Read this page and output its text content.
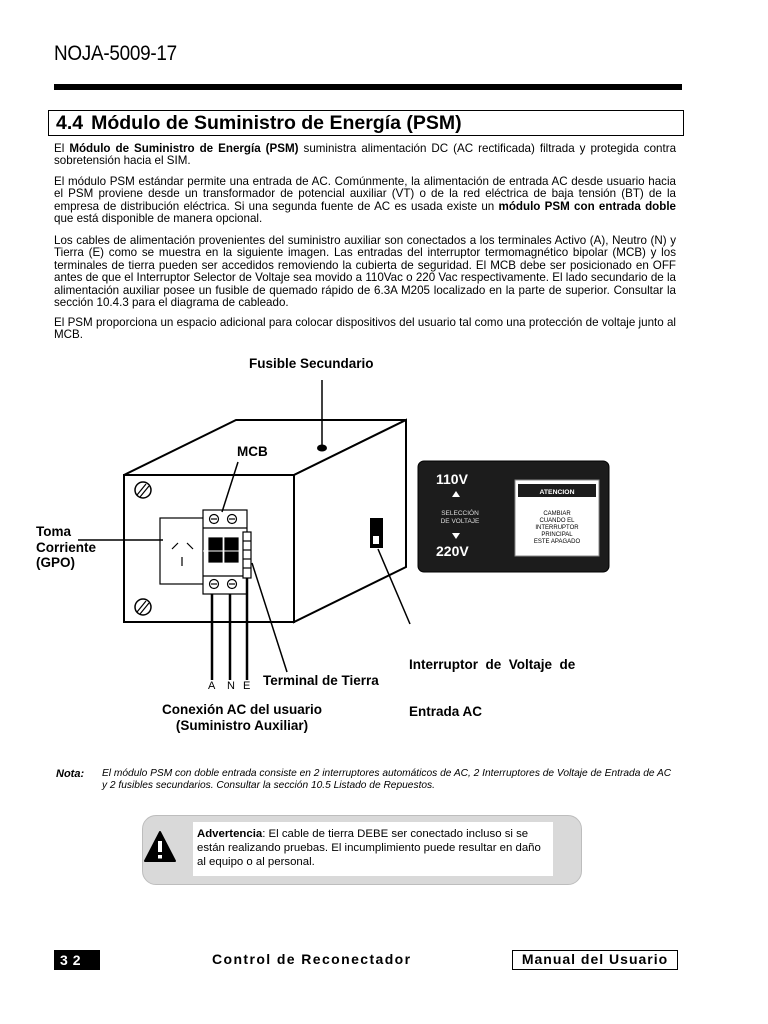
NOJA-5009-17
4.4 Módulo de Suministro de Energía (PSM)
El Módulo de Suministro de Energía (PSM) suministra alimentación DC (AC rectificada) filtrada y protegida contra sobretensión hacia el SIM.
El módulo PSM estándar permite una entrada de AC. Comúnmente, la alimentación de entrada AC desde usuario hacia el PSM proviene desde un transformador de potencial auxiliar (VT) o de la red eléctrica de baja tensión (BT) de la empresa de distribución eléctrica. Si una segunda fuente de AC es usada existe un módulo PSM con entrada doble que está disponible de manera opcional.
Los cables de alimentación provenientes del suministro auxiliar son conectados a los terminales Activo (A), Neutro (N) y Tierra (E) como se muestra en la siguiente imagen. Las entradas del interruptor termomagnético bipolar (MCB) y los terminales de tierra pueden ser accedidos removiendo la cubierta de seguridad. El MCB debe ser posicionado en OFF antes de que el Interruptor Selector de Voltaje sea movido a 110Vac o 220 Vac respectivamente. El lado secundario de la alimentación auxiliar posee un fusible de quemado rápido de 6.3A M205 localizado en la parte de superior. Consultar la sección 10.4.3 para el diagrama de cableado.
El PSM proporciona un espacio adicional para colocar dispositivos del usuario tal como una protección de voltaje junto al MCB.
110V
SELECCIÓN
DE VOLTAJE
220V
ATENCION
CAMBIAR
CUANDO EL
INTERRUPTOR
PRINCIPAL
ESTE APAGADO
Fusible Secundario
MCB
Toma
Corriente
(GPO)

Interruptor  de  Voltaje  de

Entrada AC

A N E Terminal de Tierra
Conexión AC del usuario
(Suministro Auxiliar)
Nota: El módulo PSM con doble entrada consiste en 2 interruptores automáticos de AC, 2 Interruptores de Voltaje de Entrada de AC y 2 fusibles secundarios. Consultar la sección 10.5 Listado de Repuestos.
Advertencia: El cable de tierra DEBE ser conectado incluso si se están realizando pruebas. El incumplimiento puede resultar en daño al equipo o al personal.
32	Control de Reconectador	Manual del Usuario
